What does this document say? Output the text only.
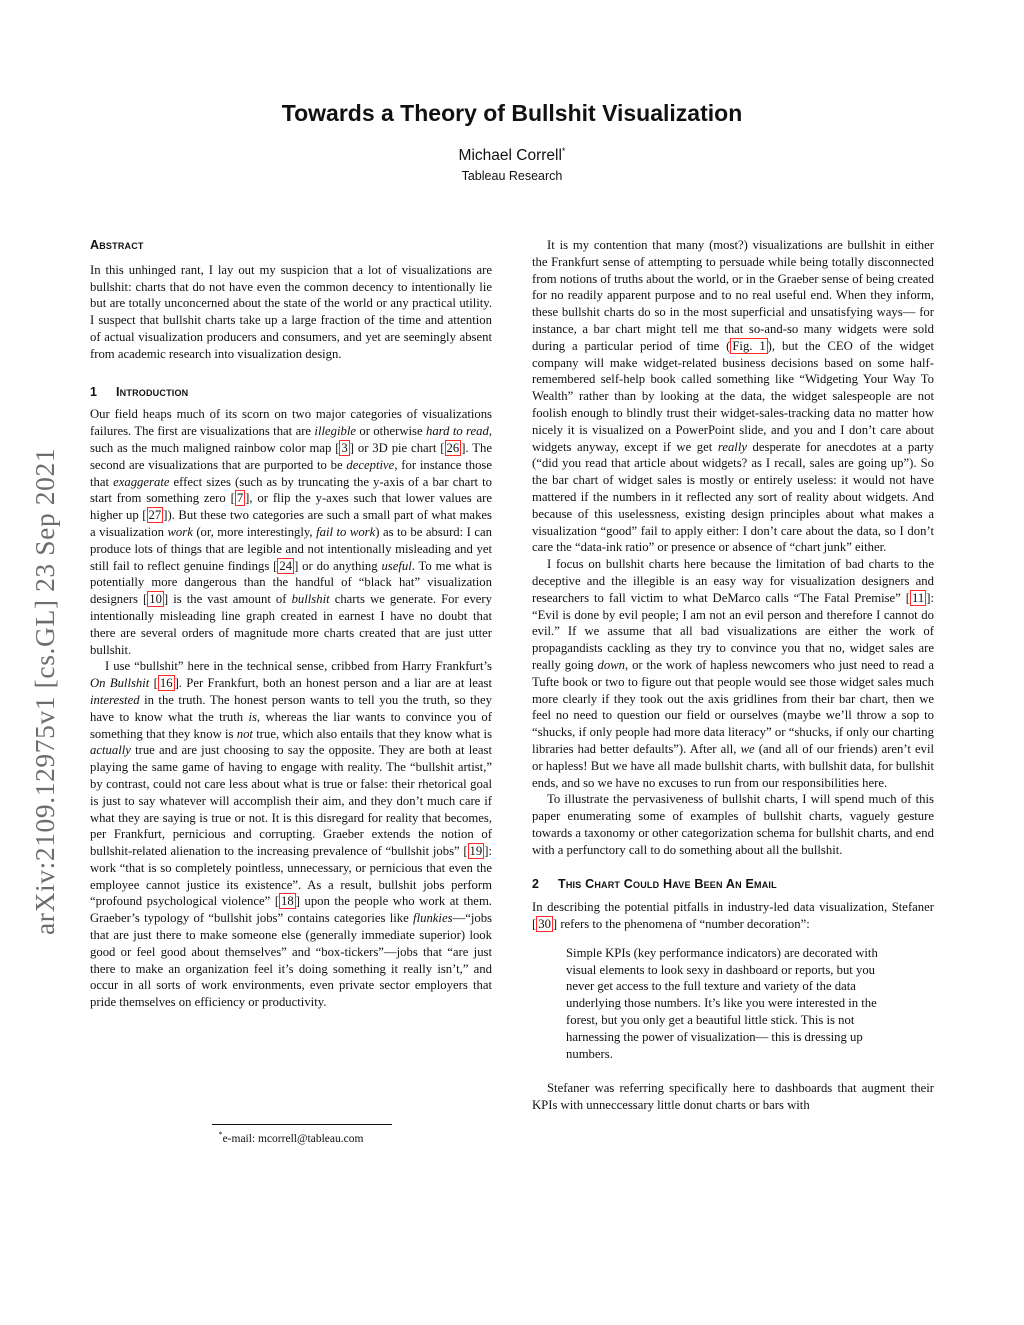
arXiv:2109.12975v1 [cs.GL] 23 Sep 2021
Towards a Theory of Bullshit Visualization
Michael Correll*
Tableau Research
Abstract

In this unhinged rant, I lay out my suspicion that a lot of visualizations are bullshit: charts that do not have even the common decency to intentionally lie but are totally unconcerned about the state of the world or any practical utility. I suspect that bullshit charts take up a large fraction of the time and attention of actual visualization producers and consumers, and yet are seemingly absent from academic research into visualization design.

1 Introduction

Our field heaps much of its scorn on two major categories of visualizations failures. The first are visualizations that are illegible or otherwise hard to read, such as the much maligned rainbow color map [ 3 ] or 3D pie chart [ 26 ]. The second are visualizations that are purported to be deceptive, for instance those that exaggerate effect sizes (such as by truncating the y-axis of a bar chart to start from something zero [ 7 ], or flip the y-axes such that lower values are higher up [ 27 ]). But these two categories are such a small part of what makes a visualization work (or, more interestingly, fail to work) as to be absurd: I can produce lots of things that are legible and not intentionally misleading and yet still fail to reflect genuine findings [ 24 ] or do anything useful. To me what is potentially more dangerous than the handful of “black hat” visualization designers [ 10 ] is the vast amount of bullshit charts we generate. For every intentionally misleading line graph created in earnest I have no doubt that there are several orders of magnitude more charts created that are just utter bullshit.

I use “bullshit” here in the technical sense, cribbed from Harry Frankfurt’s On Bullshit [ 16 ]. Per Frankfurt, both an honest person and a liar are at least interested in the truth. The honest person wants to tell you the truth, so they have to know what the truth is, whereas the liar wants to convince you of something that they know is not true, which also entails that they know what is actually true and are just choosing to say the opposite. They are both at least playing the same game of having to engage with reality. The “bullshit artist,” by contrast, could not care less about what is true or false: their rhetorical goal is just to say whatever will accomplish their aim, and they don’t much care if what they are saying is true or not. It is this disregard for reality that becomes, per Frankfurt, pernicious and corrupting. Graeber extends the notion of bullshit-related alienation to the increasing prevalence of “bullshit jobs” [ 19 ]: work “that is so completely pointless, unnecessary, or pernicious that even the employee cannot justice its existence”. As a result, bullshit jobs perform “profound psychological violence” [ 18 ] upon the people who work at them. Graeber’s typology of “bullshit jobs” contains categories like flunkies—“jobs that are just there to make someone else (generally immediate superior) look good or feel good about themselves” and “box-tickers”—jobs that “are just there to make an organization feel it’s doing something it really isn’t,” and occur in all sorts of work environments, even private sector employers that pride themselves on efficiency or productivity.

*e-mail: mcorrell@tableau.com

It is my contention that many (most?) visualizations are bullshit in either the Frankfurt sense of attempting to persuade while being totally disconnected from notions of truths about the world, or in the Graeber sense of being created for no readily apparent purpose and to no real useful end. When they inform, these bullshit charts do so in the most superficial and unsatisfying ways— for instance, a bar chart might tell me that so-and-so many widgets were sold during a particular period of time ( Fig. 1 ), but the CEO of the widget company will make widget-related business decisions based on some half-remembered self-help book called something like “Widgeting Your Way To Wealth” rather than by looking at the data, the widget salespeople are not foolish enough to blindly trust their widget-sales-tracking data no matter how nicely it is visualized on a PowerPoint slide, and you and I don’t care about widgets anyway, except if we get really desperate for anecdotes at a party (“did you read that article about widgets? as I recall, sales are going up”). So the bar chart of widget sales is mostly or entirely useless: it would not have mattered if the numbers in it reflected any sort of reality about widgets. And because of this uselessness, existing design principles about what makes a visualization “good” fail to apply either: I don’t care about the data, so I don’t care the “data-ink ratio” or presence or absence of “chart junk” either.

I focus on bullshit charts here because the limitation of bad charts to the deceptive and the illegible is an easy way for visualization designers and researchers to fall victim to what DeMarco calls “The Fatal Premise” [ 11 ]: “Evil is done by evil people; I am not an evil person and therefore I cannot do evil.” If we assume that all bad visualizations are either the work of propagandists cackling as they try to convince you that no, widget sales are really going down, or the work of hapless newcomers who just need to read a Tufte book or two to figure out that people would see those widget sales much more clearly if they took out the axis gridlines from their bar chart, then we feel no need to question our field or ourselves (maybe we’ll throw a sop to “shucks, if only people had more data literacy” or “shucks, if only our charting libraries had better defaults”). After all, we (and all of our friends) aren’t evil or hapless! But we have all made bullshit charts, with bullshit data, for bullshit ends, and so we have no excuses to run from our responsibilities here.

To illustrate the pervasiveness of bullshit charts, I will spend much of this paper enumerating some of examples of bullshit charts, vaguely gesture towards a taxonomy or other categorization schema for bullshit charts, and end with a perfunctory call to do something about all the bullshit.

2 This Chart Could Have Been An Email

In describing the potential pitfalls in industry-led data visualization, Stefaner [ 30 ] refers to the phenomena of “number decoration”:

Simple KPIs (key performance indicators) are decorated with visual elements to look sexy in dashboard or reports, but you never get access to the full texture and variety of the data underlying those numbers. It’s like you were interested in the forest, but you only get a beautiful little stick. This is not harnessing the power of visualization— this is dressing up numbers.

Stefaner was referring specifically here to dashboards that augment their KPIs with unneccessary little donut charts or bars with
